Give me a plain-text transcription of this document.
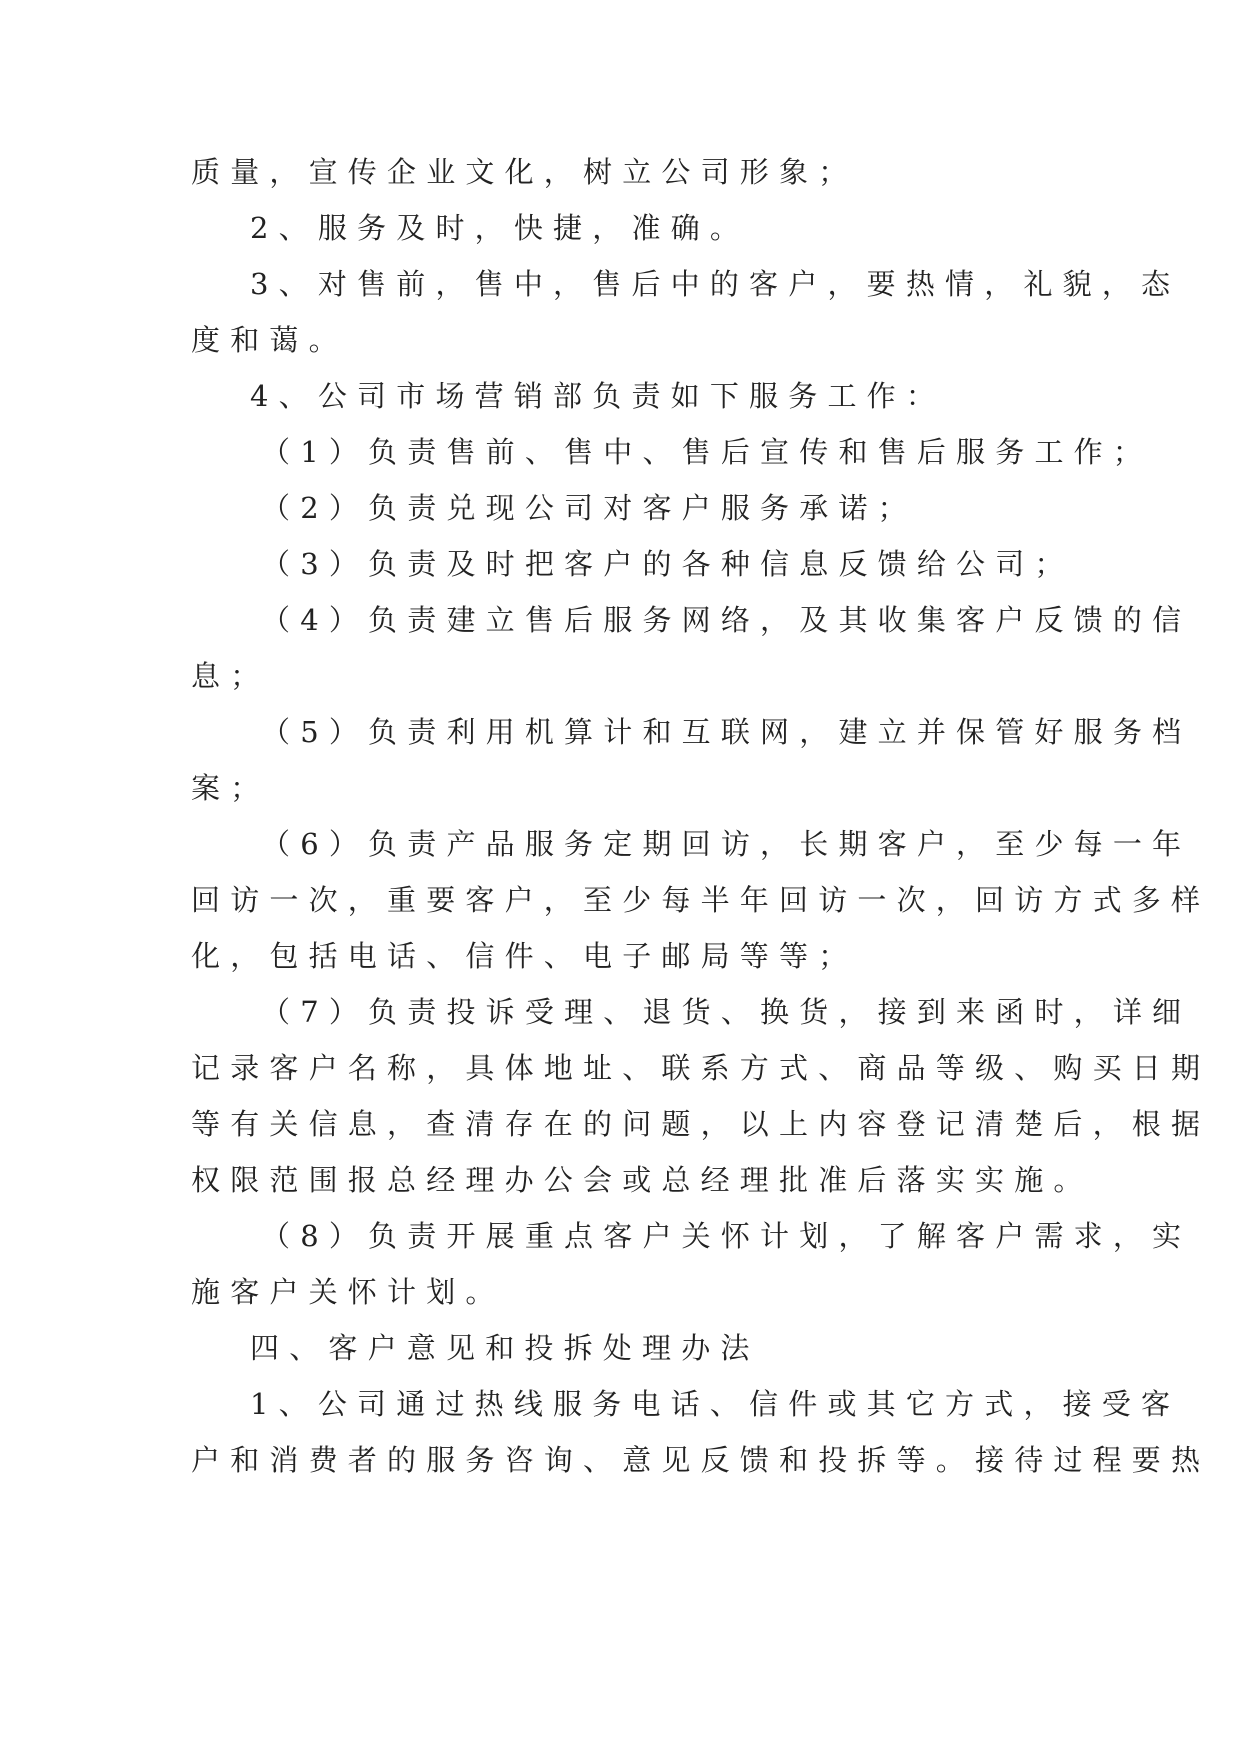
质量，宣传企业文化，树立公司形象；
2、服务及时，快捷，准确。
3、对售前，售中，售后中的客户，要热情，礼貌，态
度和蔼。
4、公司市场营销部负责如下服务工作：
（1）负责售前、售中、售后宣传和售后服务工作；
（2）负责兑现公司对客户服务承诺；
（3）负责及时把客户的各种信息反馈给公司；
（4）负责建立售后服务网络，及其收集客户反馈的信
息；
（5）负责利用机算计和互联网，建立并保管好服务档
案；
（6）负责产品服务定期回访，长期客户，至少每一年
回访一次，重要客户，至少每半年回访一次，回访方式多样
化，包括电话、信件、电子邮局等等；
（7）负责投诉受理、退货、换货，接到来函时，详细
记录客户名称，具体地址、联系方式、商品等级、购买日期
等有关信息，查清存在的问题，以上内容登记清楚后，根据
权限范围报总经理办公会或总经理批准后落实实施。
（8）负责开展重点客户关怀计划，了解客户需求，实
施客户关怀计划。
四、客户意见和投拆处理办法
1、公司通过热线服务电话、信件或其它方式，接受客
户和消费者的服务咨询、意见反馈和投拆等。接待过程要热
